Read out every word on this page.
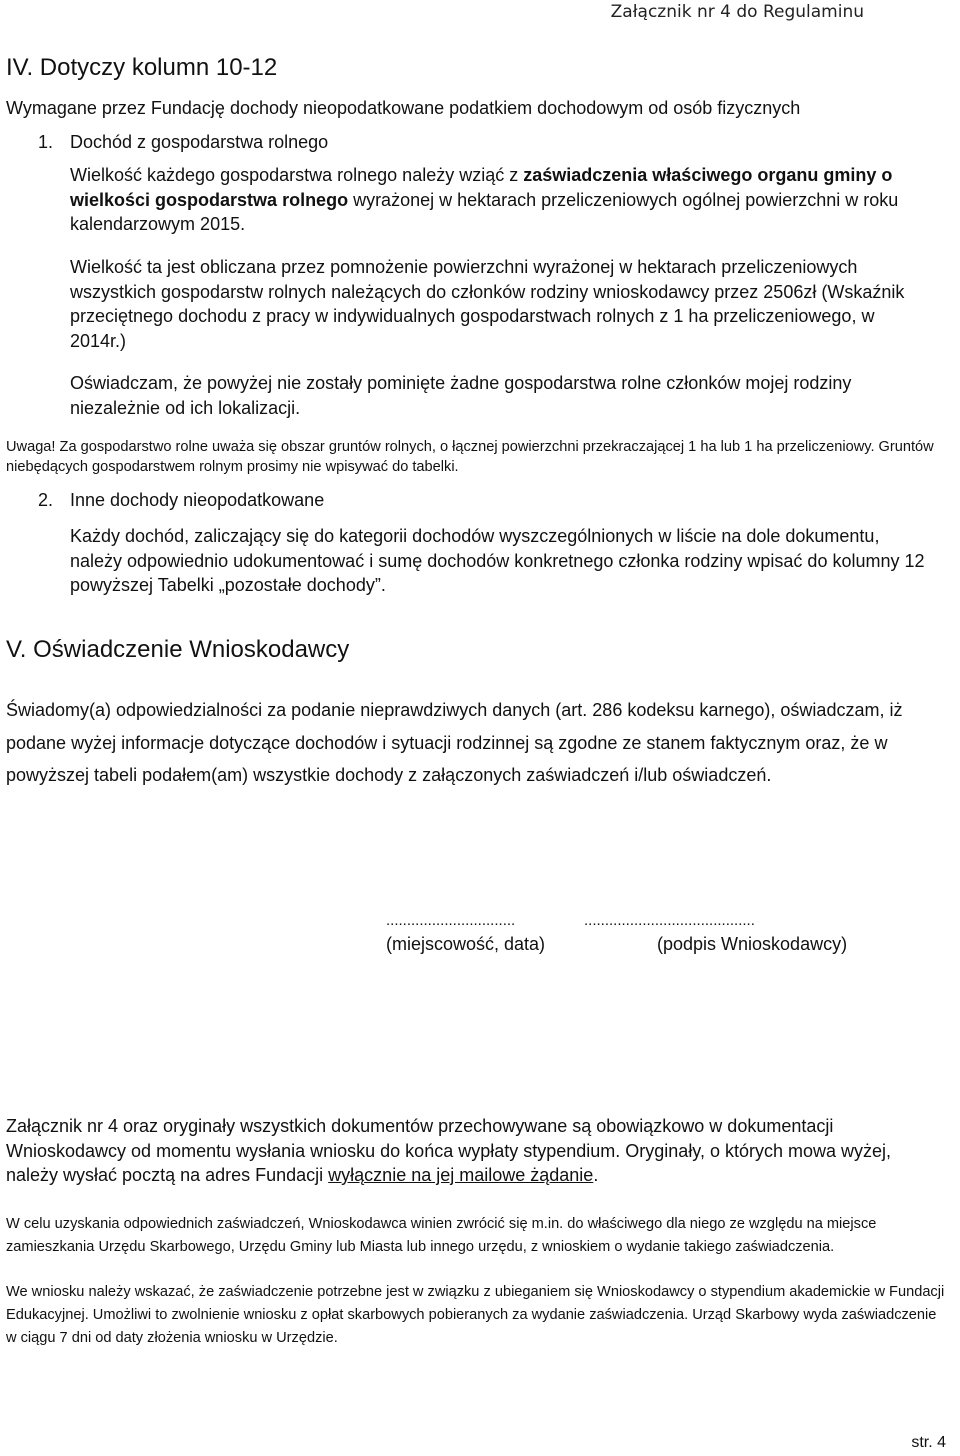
Załącznik nr 4 do Regulaminu
IV. Dotyczy kolumn 10-12
Wymagane przez Fundację dochody nieopodatkowane podatkiem dochodowym od osób fizycznych
1. Dochód z gospodarstwa rolnego
Wielkość każdego gospodarstwa rolnego należy wziąć z zaświadczenia właściwego organu gminy o wielkości gospodarstwa rolnego wyrażonej w hektarach przeliczeniowych ogólnej powierzchni w roku kalendarzowym 2015.
Wielkość ta jest obliczana przez pomnożenie powierzchni wyrażonej w hektarach przeliczeniowych wszystkich gospodarstw rolnych należących do członków rodziny wnioskodawcy przez 2506zł (Wskaźnik przeciętnego dochodu z pracy w indywidualnych gospodarstwach rolnych z 1 ha przeliczeniowego, w 2014r.)
Oświadczam, że powyżej nie zostały pominięte żadne gospodarstwa rolne członków mojej rodziny niezależnie od ich lokalizacji.
Uwaga! Za gospodarstwo rolne uważa się obszar gruntów rolnych, o łącznej powierzchni przekraczającej 1 ha lub 1 ha przeliczeniowy. Gruntów niebędących gospodarstwem rolnym prosimy nie wpisywać do tabelki.
2. Inne dochody nieopodatkowane
Każdy dochód, zaliczający się do kategorii dochodów wyszczególnionych w liście na dole dokumentu, należy odpowiednio udokumentować i sumę dochodów konkretnego członka rodziny wpisać do kolumny 12 powyższej Tabelki „pozostałe dochody”.
V. Oświadczenie Wnioskodawcy
Świadomy(a) odpowiedzialności za podanie nieprawdziwych danych (art. 286 kodeksu karnego), oświadczam, iż podane wyżej informacje dotyczące dochodów i sytuacji rodzinnej są zgodne ze stanem faktycznym oraz, że w powyższej tabeli podałem(am) wszystkie dochody z załączonych zaświadczeń i/lub oświadczeń.
...............................	.........................................
(miejscowość, data)	(podpis Wnioskodawcy)
Załącznik nr 4 oraz oryginały wszystkich dokumentów przechowywane są obowiązkowo w dokumentacji Wnioskodawcy od momentu wysłania wniosku do końca wypłaty stypendium. Oryginały, o których mowa wyżej, należy wysłać pocztą na adres Fundacji wyłącznie na jej mailowe żądanie.
W celu uzyskania odpowiednich zaświadczeń, Wnioskodawca winien zwrócić się m.in. do właściwego dla niego ze względu na miejsce zamieszkania Urzędu Skarbowego, Urzędu Gminy lub Miasta lub innego urzędu, z wnioskiem o wydanie takiego zaświadczenia.
We wniosku należy wskazać, że zaświadczenie potrzebne jest w związku z ubieganiem się Wnioskodawcy o stypendium akademickie w Fundacji Edukacyjnej. Umożliwi to zwolnienie wniosku z opłat skarbowych pobieranych za wydanie zaświadczenia. Urząd Skarbowy wyda zaświadczenie w ciągu 7 dni od daty złożenia wniosku w Urzędzie.
str. 4
